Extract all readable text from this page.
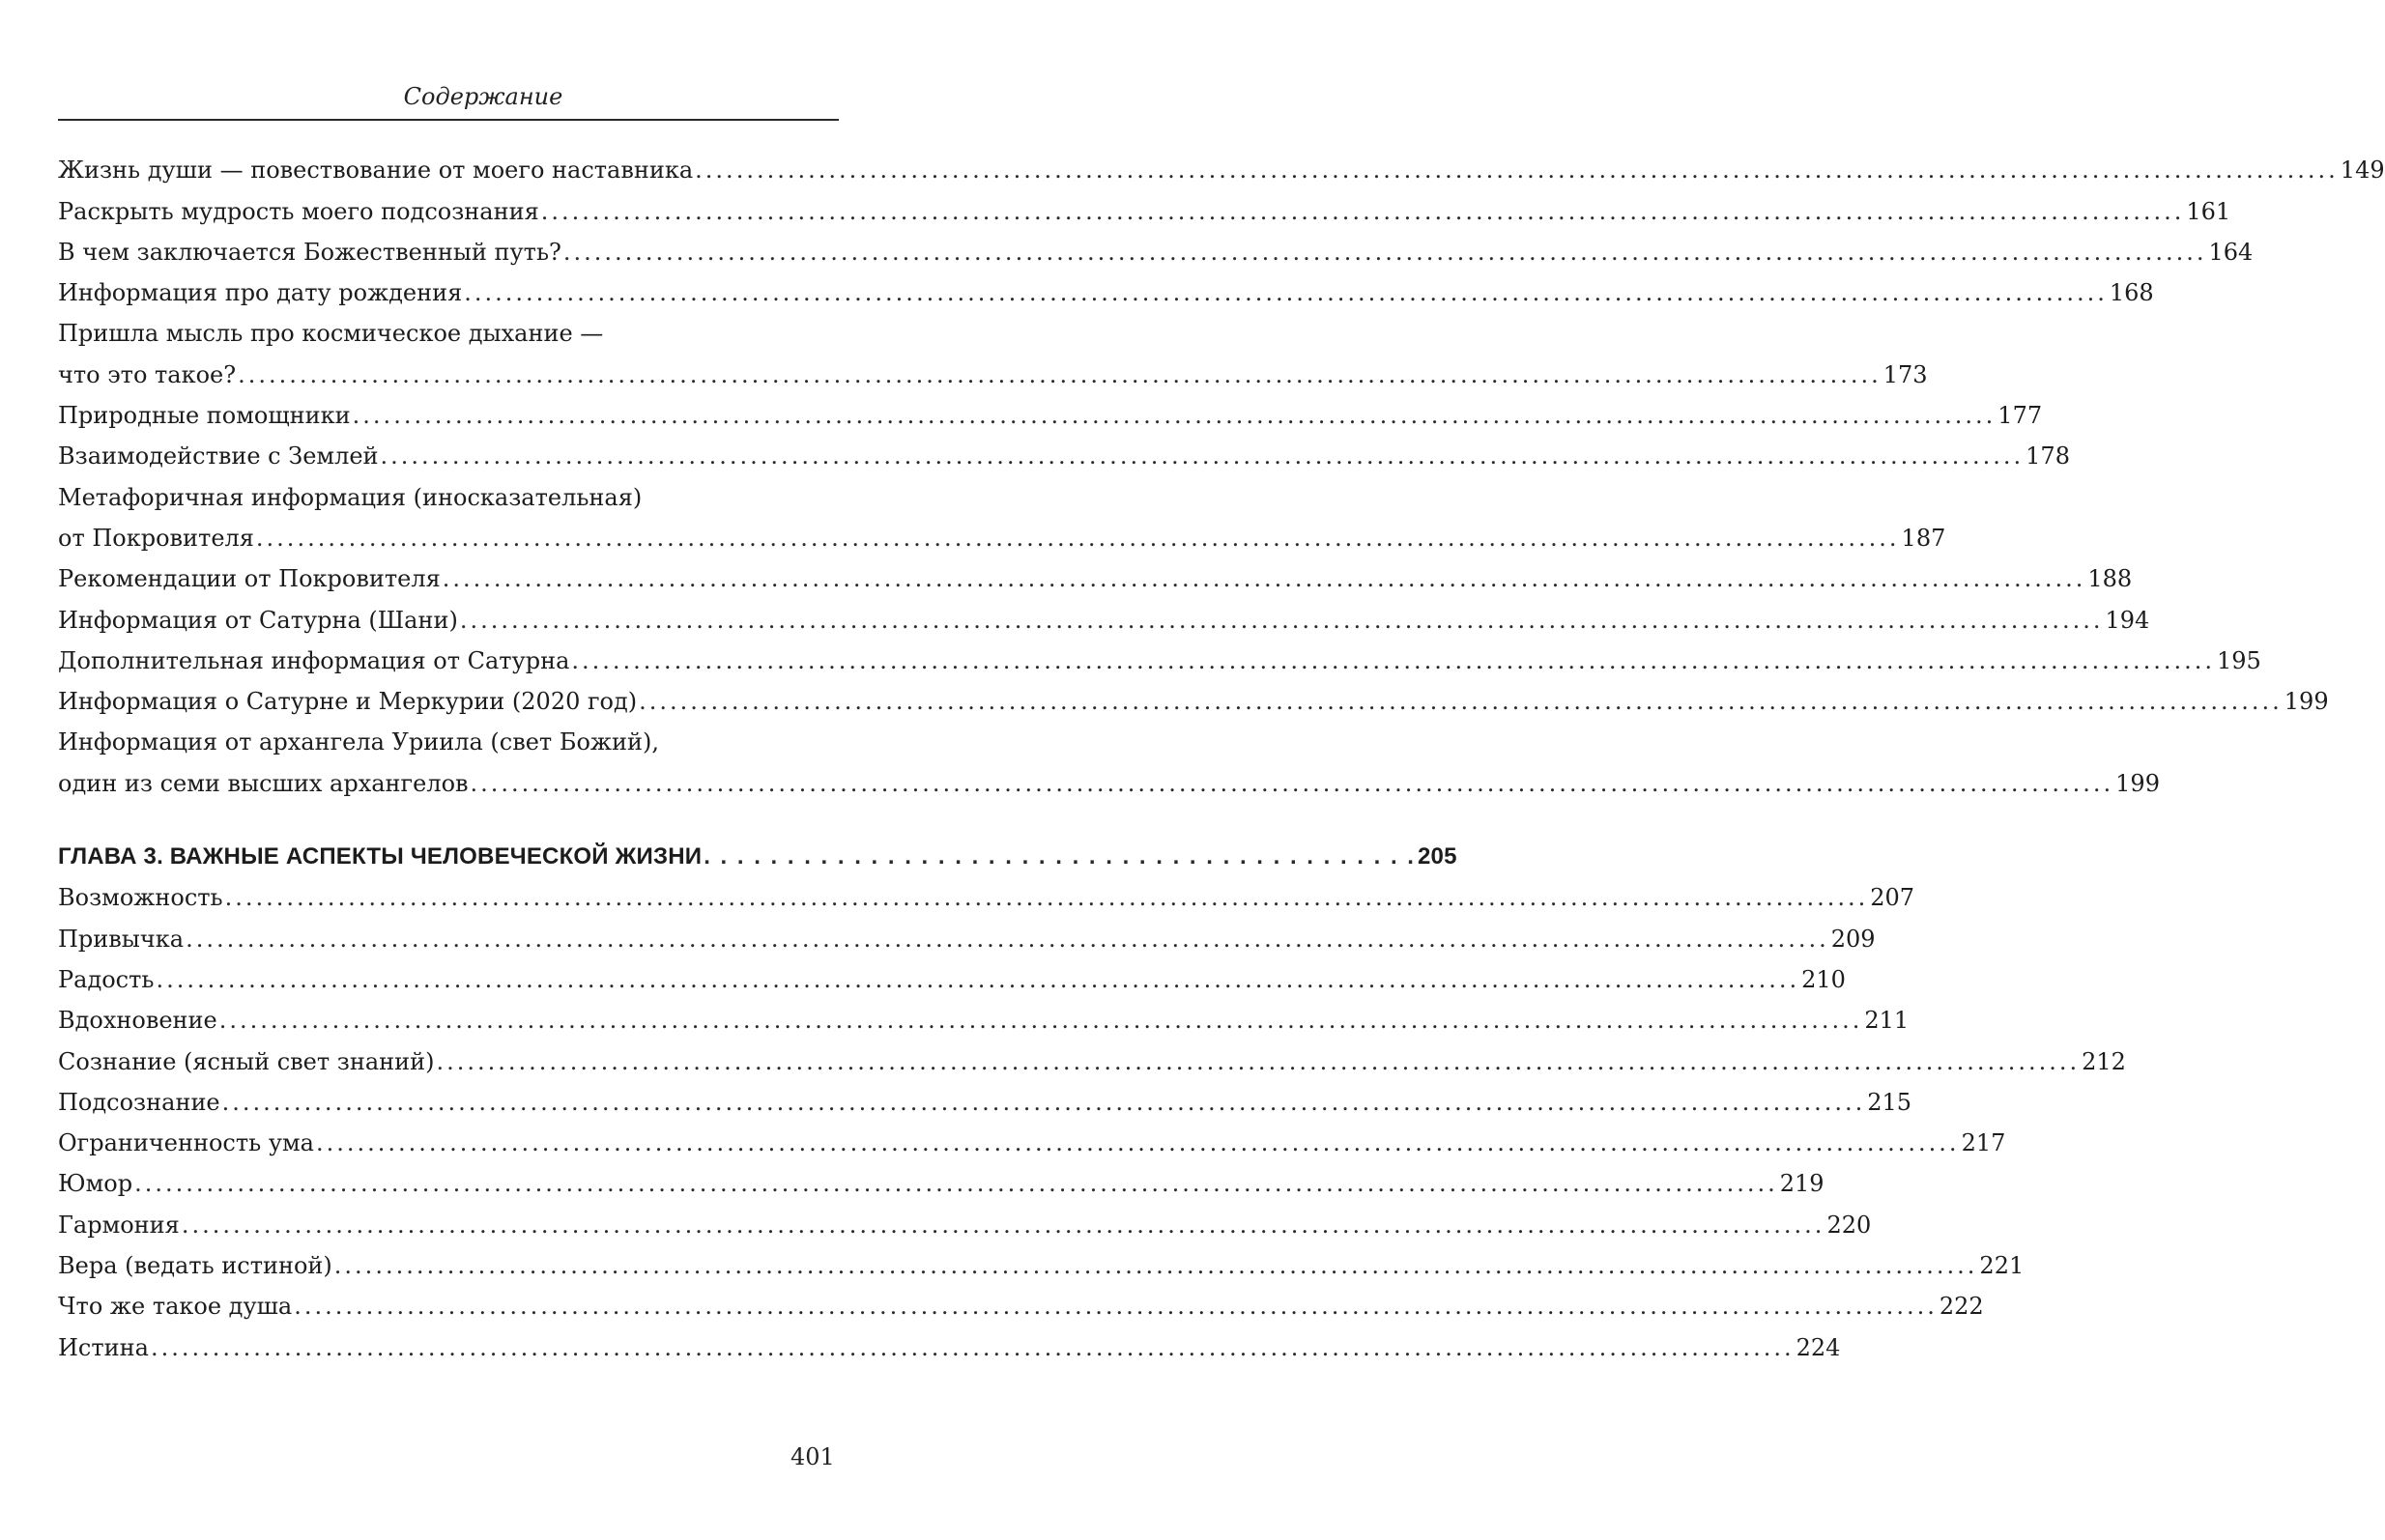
Содержание
Жизнь души — повествование от моего наставника ................................................................................................................................................................ 149
Раскрыть мудрость моего подсознания ................................................................................................................................................................ 161
В чем заключается Божественный путь? ................................................................................................................................................................ 164
Информация про дату рождения ................................................................................................................................................................ 168
Пришла мысль про космическое дыхание —
что это такое? ................................................................................................................................................................ 173
Природные помощники ................................................................................................................................................................ 177
Взаимодействие с Землей ................................................................................................................................................................ 178
Метафоричная информация (иносказательная)
от Покровителя ................................................................................................................................................................ 187
Рекомендации от Покровителя ................................................................................................................................................................ 188
Информация от Сатурна (Шани) ................................................................................................................................................................ 194
Дополнительная информация от Сатурна ................................................................................................................................................................ 195
Информация о Сатурне и Меркурии (2020 год) ................................................................................................................................................................ 199
Информация от архангела Уриила (свет Божий),
один из семи высших архангелов ................................................................................................................................................................ 199
ГЛАВА 3. ВАЖНЫЕ АСПЕКТЫ ЧЕЛОВЕЧЕСКОЙ ЖИЗНИ . . . . . . . . . . . . . . . . . . . . . . . . . . . . . . . . . . . . . . . . . . . 205
Возможность ................................................................................................................................................................ 207
Привычка ................................................................................................................................................................ 209
Радость ................................................................................................................................................................ 210
Вдохновение ................................................................................................................................................................ 211
Сознание (ясный свет знаний) ................................................................................................................................................................ 212
Подсознание ................................................................................................................................................................ 215
Ограниченность ума ................................................................................................................................................................ 217
Юмор ................................................................................................................................................................ 219
Гармония ................................................................................................................................................................ 220
Вера (ведать истиной) ................................................................................................................................................................ 221
Что же такое душа ................................................................................................................................................................ 222
Истина ................................................................................................................................................................ 224
401
